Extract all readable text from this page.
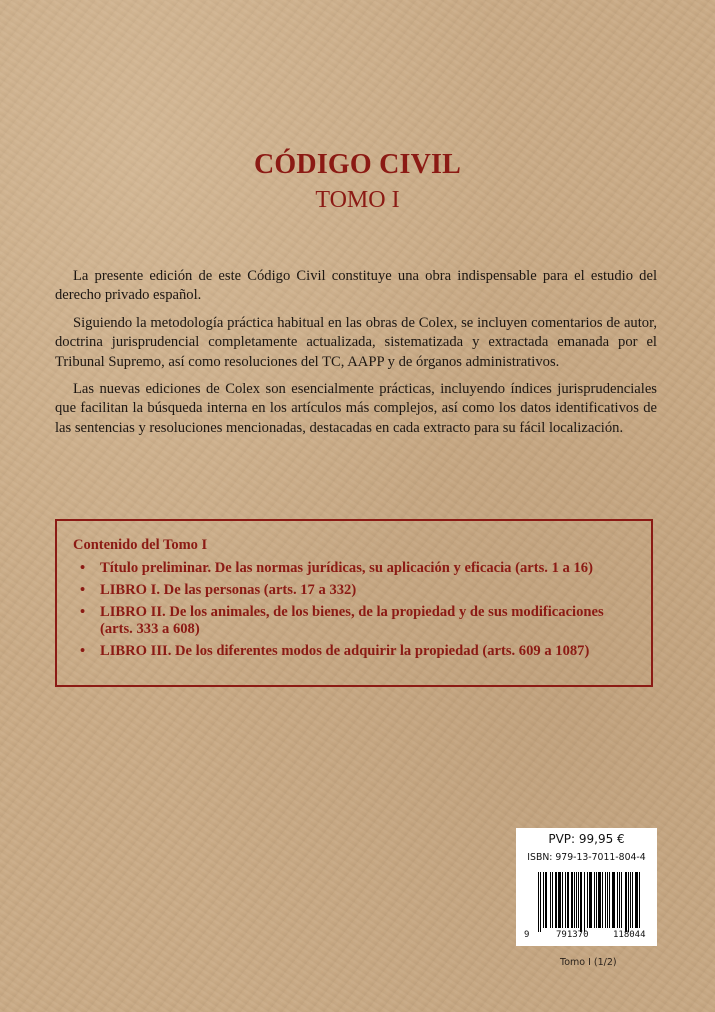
CÓDIGO CIVIL
TOMO I

La presente edición de este Código Civil constituye una obra indispensable para el estudio del derecho privado español.

Siguiendo la metodología práctica habitual en las obras de Colex, se incluyen comentarios de autor, doctrina jurisprudencial completamente actualizada, sistematizada y extractada emanada por el Tribunal Supremo, así como resoluciones del TC, AAPP y de órganos administrativos.

Las nuevas ediciones de Colex son esencialmente prácticas, incluyendo índices jurisprudenciales que facilitan la búsqueda interna en los artículos más complejos, así como los datos identificativos de las sentencias y resoluciones mencionadas, destacadas en cada extracto para su fácil localización.

Contenido del Tomo I
• Título preliminar. De las normas jurídicas, su aplicación y eficacia (arts. 1 a 16)
• LIBRO I. De las personas (arts. 17 a 332)
• LIBRO II. De los animales, de los bienes, de la propiedad y de sus modificaciones (arts. 333 a 608)
• LIBRO III. De los diferentes modos de adquirir la propiedad (arts. 609 a 1087)
PVP: 99,95 €
ISBN: 979-13-7011-804-4
9	791370	118044
Tomo I (1/2)
